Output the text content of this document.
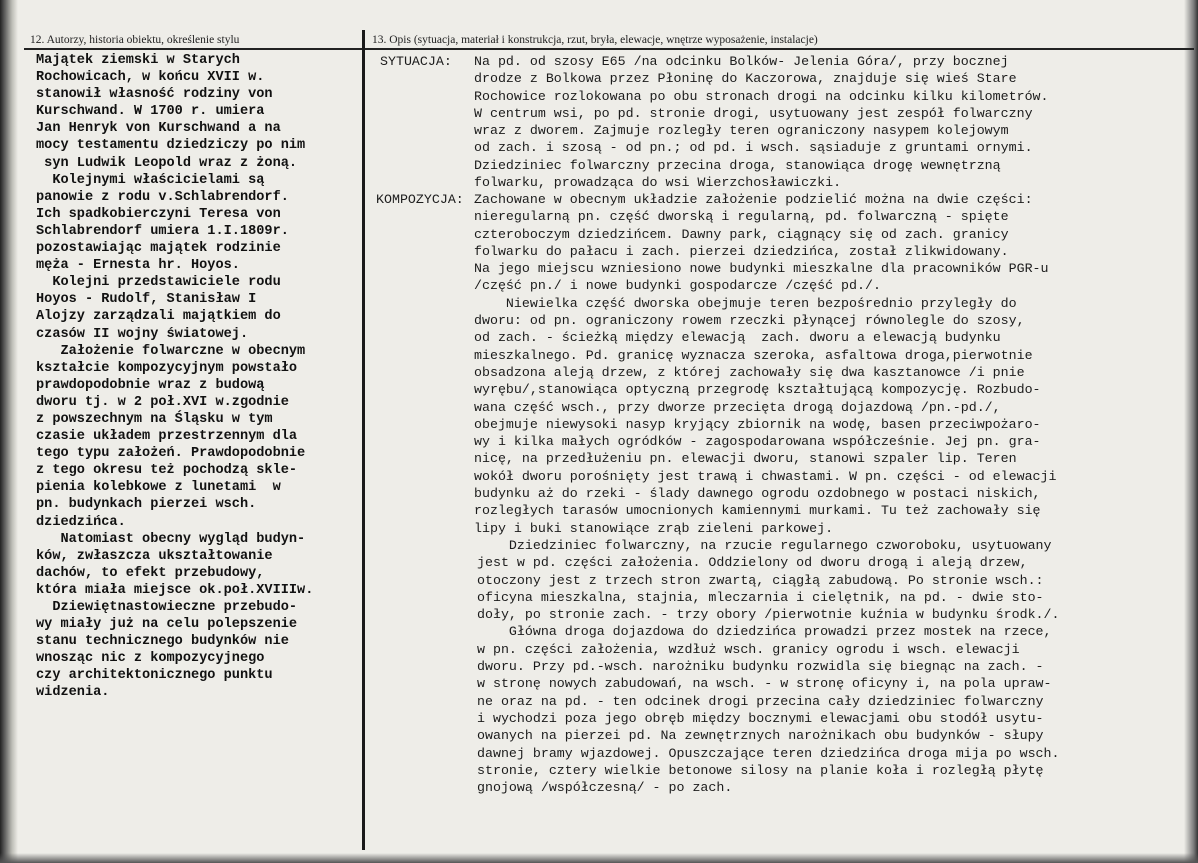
12. Autorzy, historia obiektu, określenie stylu	13. Opis (sytuacja, materiał i konstrukcja, rzut, bryła, elewacje, wnętrze wyposażenie, instalacje)
Majątek ziemski w Starych
Rochowicach, w końcu XVII w.
stanowił własność rodziny von
Kurschwand. W 1700 r. umiera
Jan Henryk von Kurschwand a na
mocy testamentu dziedziczy po nim
syn Ludwik Leopold wraz z żoną.
Kolejnymi właścicielami są
panowie z rodu v.Schlabrendorf.
Ich spadkobierczyni Teresa von
Schlabrendorf umiera 1.I.1809r.
pozostawiając majątek rodzinie
męża - Ernesta hr. Hoyos.
Kolejni przedstawiciele rodu
Hoyos - Rudolf, Stanisław I
Alojzy zarządzali majątkiem do
czasów II wojny światowej.
Założenie folwarczne w obecnym
kształcie kompozycyjnym powstało
prawdopodobnie wraz z budową
dworu tj. w 2 poł.XVI w.zgodnie
z powszechnym na Śląsku w tym
czasie układem przestrzennym dla
tego typu założeń. Prawdopodobnie
z tego okresu też pochodzą skle-
pienia kolebkowe z lunetami  w
pn. budynkach pierzei wsch.
dziedzińca.
Natomiast obecny wygląd budyn-
ków, zwłaszcza ukształtowanie
dachów, to efekt przebudowy,
która miała miejsce ok.poł.XVIIIw.
Dziewiętnastowieczne przebudo-
wy miały już na celu polepszenie
stanu technicznego budynków nie
wnosząc nic z kompozycyjnego
czy architektonicznego punktu
widzenia.
SYTUACJA: Na pd. od szosy E65 /na odcinku Bolków- Jelenia Góra/, przy bocznej
drodze z Bolkowa przez Płoninę do Kaczorowa, znajduje się wieś Stare
Rochowice rozlokowana po obu stronach drogi na odcinku kilku kilometrów.
W centrum wsi, po pd. stronie drogi, usytuowany jest zespół folwarczny
wraz z dworem. Zajmuje rozległy teren ograniczony nasypem kolejowym
od zach. i szosą - od pn.; od pd. i wsch. sąsiaduje z gruntami ornymi.
Dziedziniec folwarczny przecina droga, stanowiąca drogę wewnętrzną
folwarku, prowadząca do wsi Wierzchosławiczki.
KOMPOZYCJA: Zachowane w obecnym układzie założenie podzielić można na dwie części:
nieregularną pn. część dworską i regularną, pd. folwarczną - spięte
czteroboczym dziedzińcem. Dawny park, ciągnący się od zach. granicy
folwarku do pałacu i zach. pierzei dziedzińca, został zlikwidowany.
Na jego miejscu wzniesiono nowe budynki mieszkalne dla pracowników PGR-u
/część pn./ i nowe budynki gospodarcze /część pd./.
Niewielka część dworska obejmuje teren bezpośrednio przyległy do
dworu: od pn. ograniczony rowem rzeczki płynącej równolegle do szosy,
od zach. - ścieżką między elewacją  zach. dworu a elewacją budynku
mieszkalnego. Pd. granicę wyznacza szeroka, asfaltowa droga,pierwotnie
obsadzona aleją drzew, z której zachowały się dwa kasztanowce /i pnie
wyrębu/,stanowiąca optyczną przegrodę kształtującą kompozycję. Rozbudo-
wana część wsch., przy dworze przecięta drogą dojazdową /pn.-pd./,
obejmuje niewysoki nasyp kryjący zbiornik na wodę, basen przeciwpożaro-
wy i kilka małych ogródków - zagospodarowana współcześnie. Jej pn. gra-
nicę, na przedłużeniu pn. elewacji dworu, stanowi szpaler lip. Teren
wokół dworu porośnięty jest trawą i chwastami. W pn. części - od elewacji
budynku aż do rzeki - ślady dawnego ogrodu ozdobnego w postaci niskich,
rozległych tarasów umocnionych kamiennymi murkami. Tu też zachowały się
lipy i buki stanowiące zrąb zieleni parkowej.
Dziedziniec folwarczny, na rzucie regularnego czworoboku, usytuowany
jest w pd. części założenia. Oddzielony od dworu drogą i aleją drzew,
otoczony jest z trzech stron zwartą, ciągłą zabudową. Po stronie wsch.:
oficyna mieszkalna, stajnia, mleczarnia i cielętnik, na pd. - dwie sto-
doły, po stronie zach. - trzy obory /pierwotnie kuźnia w budynku środk./.
Główna droga dojazdowa do dziedzińca prowadzi przez mostek na rzece,
w pn. części założenia, wzdłuż wsch. granicy ogrodu i wsch. elewacji
dworu. Przy pd.-wsch. narożniku budynku rozwidla się biegnąc na zach. -
w stronę nowych zabudowań, na wsch. - w stronę oficyny i, na pola upraw-
ne oraz na pd. - ten odcinek drogi przecina cały dziedziniec folwarczny
i wychodzi poza jego obręb między bocznymi elewacjami obu stodół usytu-
owanych na pierzei pd. Na zewnętrznych narożnikach obu budynków - słupy
dawnej bramy wjazdowej. Opuszczające teren dziedzińca droga mija po wsch.
stronie, cztery wielkie betonowe silosy na planie koła i rozległą płytę
gnojową /współczesną/ - po zach.
